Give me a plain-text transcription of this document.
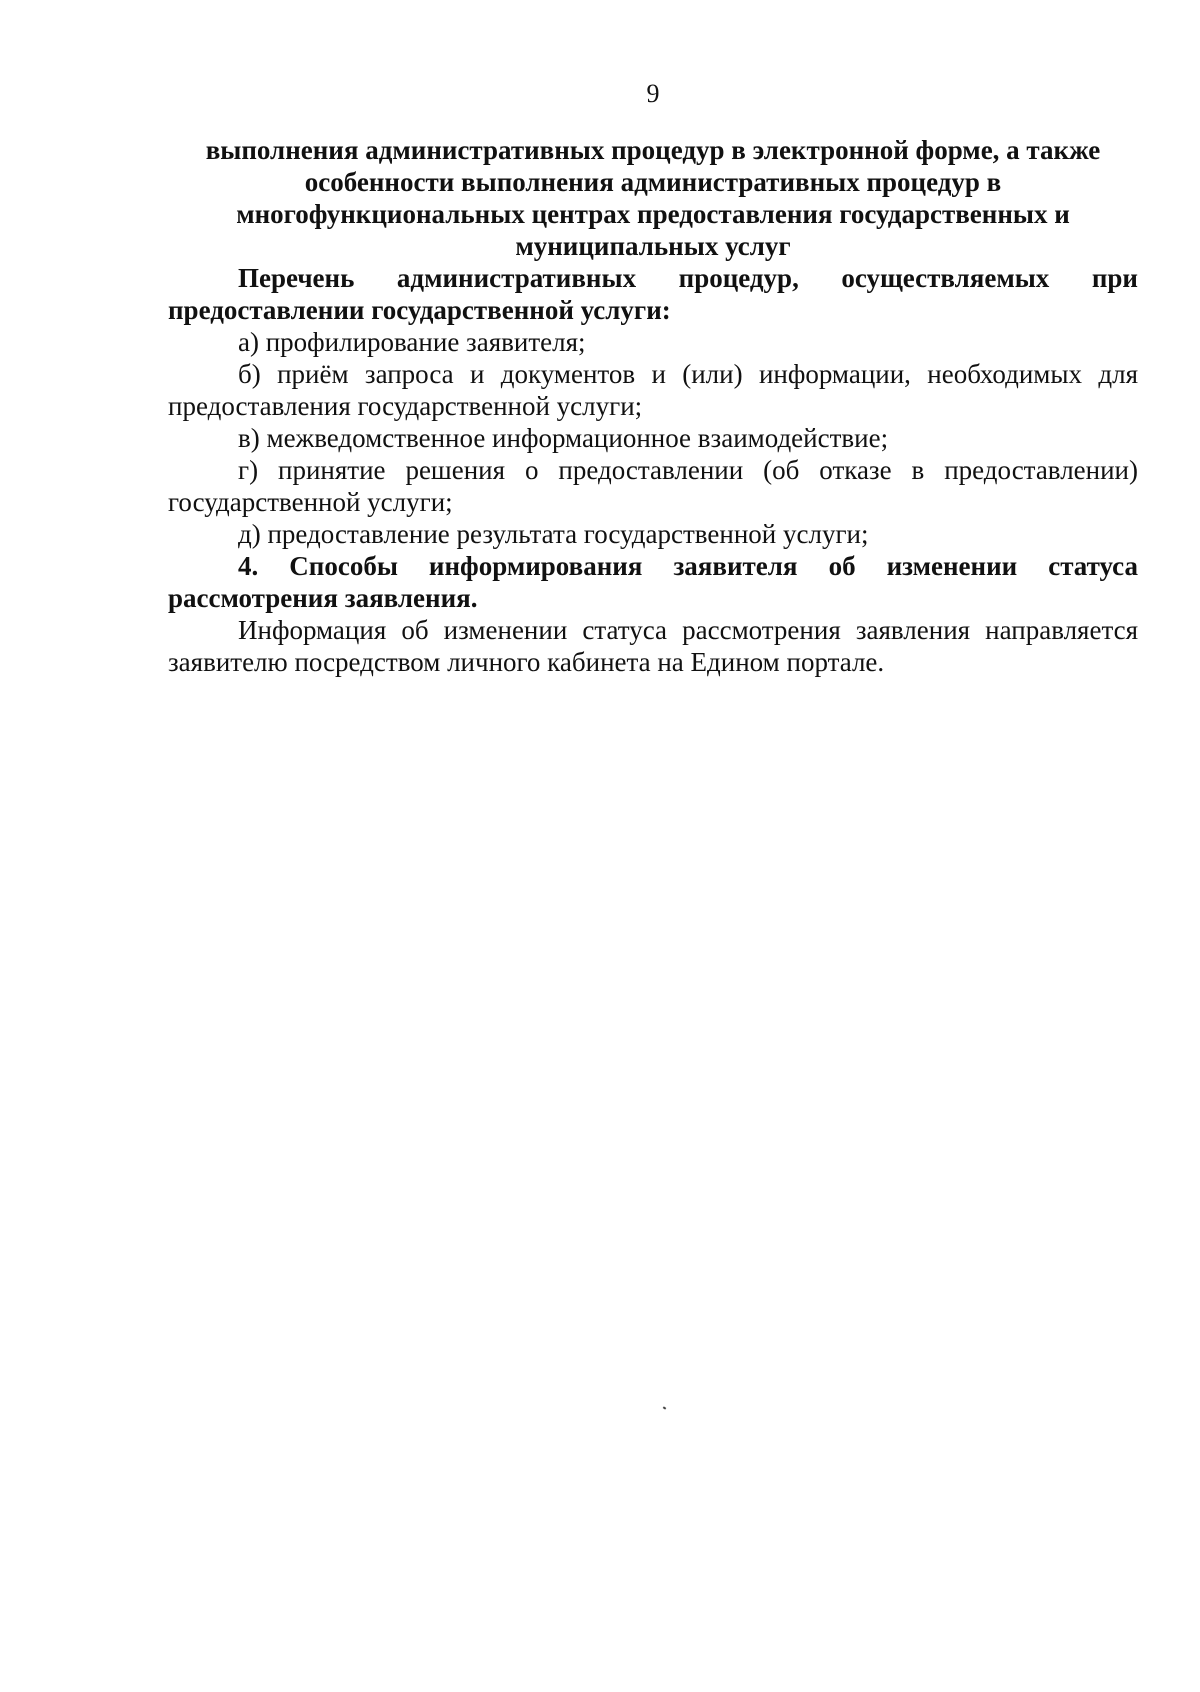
9

выполнения административных процедур в электронной форме, а также

особенности выполнения административных процедур в

многофункциональных центрах предоставления государственных и

муниципальных услуг

Перечень административных процедур, осуществляемых при предоставлении государственной услуги:

а) профилирование заявителя;

б) приём запроса и документов и (или) информации, необходимых для предоставления государственной услуги;

в) межведомственное информационное взаимодействие;

г) принятие решения о предоставлении (об отказе в предоставлении) государственной услуги;

д) предоставление результата государственной услуги;

4. Способы информирования заявителя об изменении статуса рассмотрения заявления.

Информация об изменении статуса рассмотрения заявления направляется заявителю посредством личного кабинета на Едином портале.
